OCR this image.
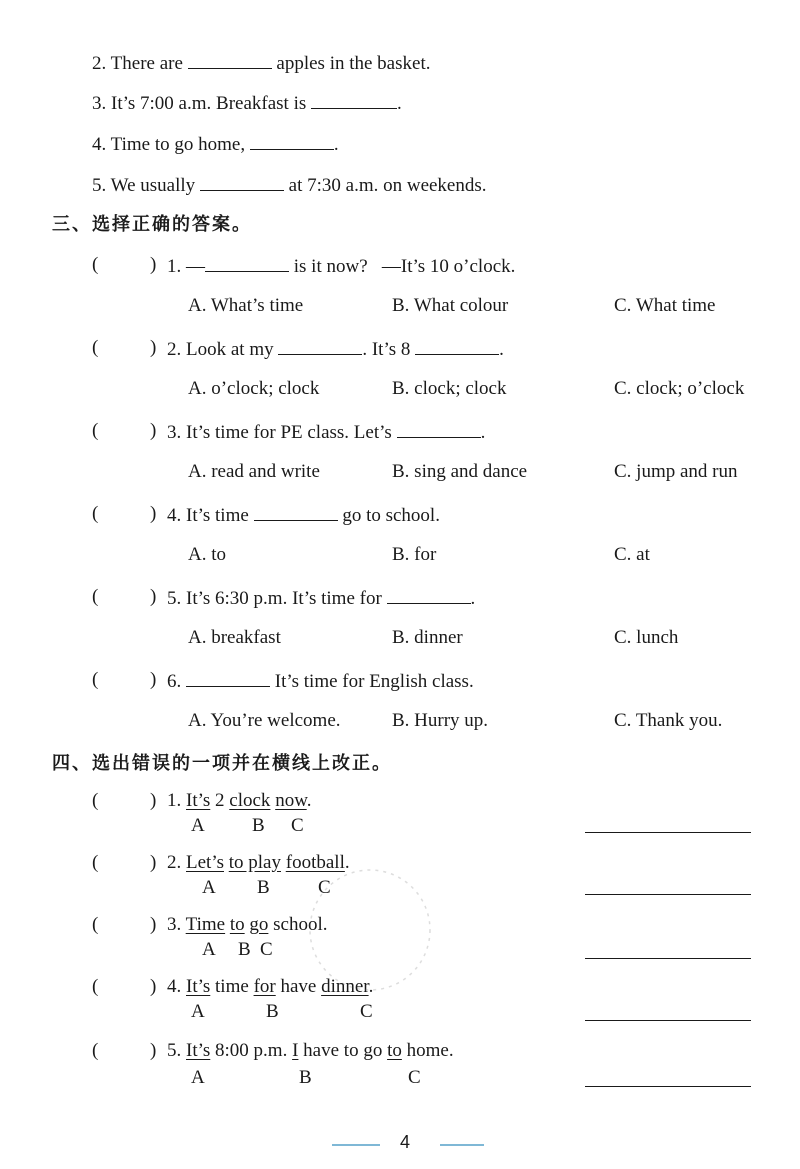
2. There are	apples in the basket.
3. It’s 7:00 a.m. Breakfast is	.
4. Time to go home,	.
5. We usually	at 7:30 a.m. on weekends.
三、选择正确的答案。
(	) 1. —	is it now?   —It’s 10 o’clock.
A. What’s time	B. What colour	C. What time
(	) 2. Look at my	. It’s 8	.
A. o’clock; clock	B. clock; clock	C. clock; o’clock
(	) 3. It’s time for PE class. Let’s	.
A. read and write	B. sing and dance	C. jump and run
(	) 4. It’s time	go to school.
A. to	B. for	C. at
(	) 5. It’s 6:30 p.m. It’s time for	.
A. breakfast	B. dinner	C. lunch
(	) 6.	It’s time for English class.
A. You’re welcome.	B. Hurry up.	C. Thank you.
四、选出错误的一项并在横线上改正。
(	) 1. It’s 2 clock now.
A B C
(	) 2. Let’s to play football.
A B	C
(	) 3. Time to go school.
A B C
(	) 4. It’s time for have dinner.
A	B	C
(	) 5. It’s 8:00 p.m. I have to go to home.
A	B	C
4
